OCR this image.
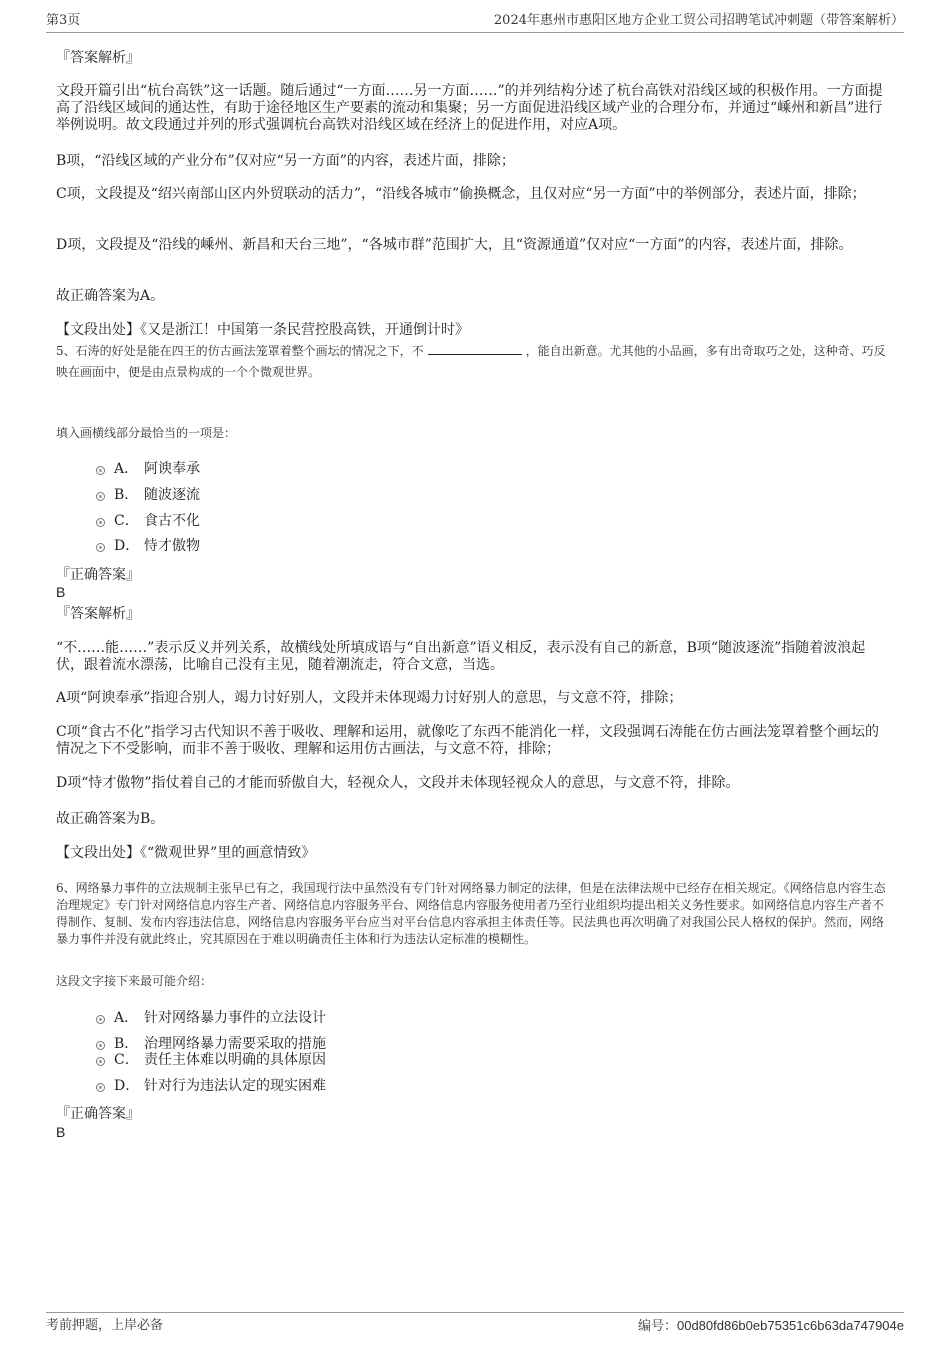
第3页	2024年惠州市惠阳区地方企业工贸公司招聘笔试冲刺题（带答案解析）
『答案解析』

文段开篇引出“杭台高铁”这一话题。随后通过“一方面……另一方面……”的并列结构分述了杭台高铁对沿线区域的积极作用。一方面提高了沿线区域间的通达性，有助于途径地区生产要素的流动和集聚；另一方面促进沿线区域产业的合理分布，并通过“嵊州和新昌”进行举例说明。故文段通过并列的形式强调杭台高铁对沿线区域在经济上的促进作用，对应A项。

B项，“沿线区域的产业分布”仅对应“另一方面”的内容，表述片面，排除；

C项，文段提及“绍兴南部山区内外贸联动的活力”，“沿线各城市”偷换概念，且仅对应“另一方面”中的举例部分，表述片面，排除；

D项，文段提及“沿线的嵊州、新昌和天台三地”，“各城市群”范围扩大，且“资源通道”仅对应“一方面”的内容，表述片面，排除。

故正确答案为A。

【文段出处】《又是浙江！中国第一条民营控股高铁，开通倒计时》

5、石涛的好处是能在四王的仿古画法笼罩着整个画坛的情况之下，不	，能自出新意。尤其他的小品画，多有出奇取巧之处，这种奇、巧反映在画面中，便是由点景构成的一个个微观世界。

填入画横线部分最恰当的一项是：

A． 阿谀奉承
B． 随波逐流
C． 食古不化
D． 恃才傲物
『正确答案』
B
『答案解析』

“不……能……”表示反义并列关系，故横线处所填成语与“自出新意”语义相反，表示没有自己的新意，B项“随波逐流”指随着波浪起伏，跟着流水漂荡，比喻自己没有主见，随着潮流走，符合文意，当选。

A项“阿谀奉承”指迎合别人，竭力讨好别人，文段并未体现竭力讨好别人的意思，与文意不符，排除；

C项“食古不化”指学习古代知识不善于吸收、理解和运用，就像吃了东西不能消化一样，文段强调石涛能在仿古画法笼罩着整个画坛的情况之下不受影响，而非不善于吸收、理解和运用仿古画法，与文意不符，排除；

D项“恃才傲物”指仗着自己的才能而骄傲自大，轻视众人，文段并未体现轻视众人的意思，与文意不符，排除。

故正确答案为B。

【文段出处】《“微观世界”里的画意情致》

6、网络暴力事件的立法规制主张早已有之，我国现行法中虽然没有专门针对网络暴力制定的法律，但是在法律法规中已经存在相关规定。《网络信息内容生态治理规定》专门针对网络信息内容生产者、网络信息内容服务平台、网络信息内容服务使用者乃至行业组织均提出相关义务性要求。如网络信息内容生产者不得制作、复制、发布内容违法信息，网络信息内容服务平台应当对平台信息内容承担主体责任等。民法典也再次明确了对我国公民人格权的保护。然而，网络暴力事件并没有就此终止，究其原因在于难以明确责任主体和行为违法认定标准的模糊性。

这段文字接下来最可能介绍：

A． 针对网络暴力事件的立法设计
B． 治理网络暴力需要采取的措施
C． 责任主体难以明确的具体原因
D． 针对行为违法认定的现实困难
『正确答案』
B
考前押题，上岸必备	编号：00d80fd86b0eb75351c6b63da747904e
